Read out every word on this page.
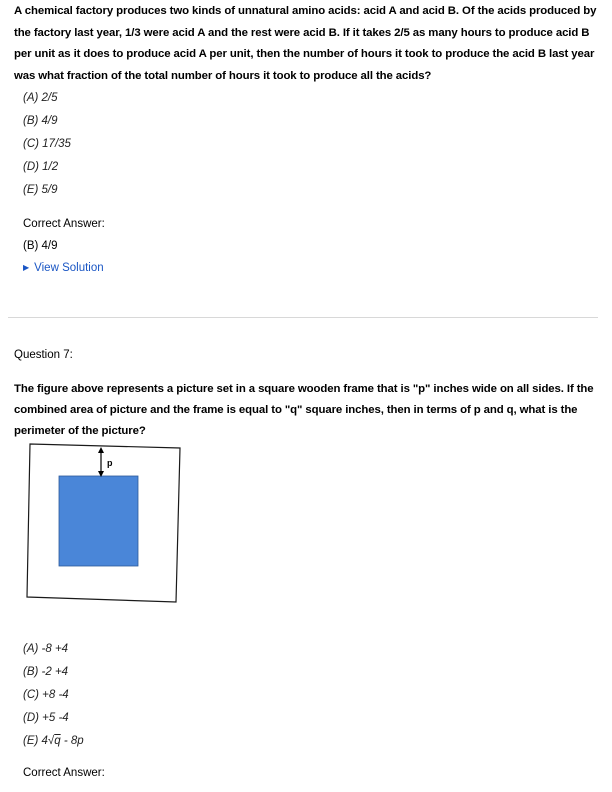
A chemical factory produces two kinds of unnatural amino acids: acid A and acid B. Of the acids produced by the factory last year, 1/3 were acid A and the rest were acid B. If it takes 2/5 as many hours to produce acid B per unit as it does to produce acid A per unit, then the number of hours it took to produce the acid B last year was what fraction of the total number of hours it took to produce all the acids?
(A) 2/5
(B) 4/9
(C) 17/35
(D) 1/2
(E) 5/9
Correct Answer:
(B) 4/9
▶ View Solution
Question 7:
The figure above represents a picture set in a square wooden frame that is "p" inches wide on all sides. If the combined area of picture and the frame is equal to "q" square inches, then in terms of p and q, what is the perimeter of the picture?
p
(A) -8 +4
(B) -2 +4
(C) +8 -4
(D) +5 -4
(E) 4√q - 8p
Correct Answer:
